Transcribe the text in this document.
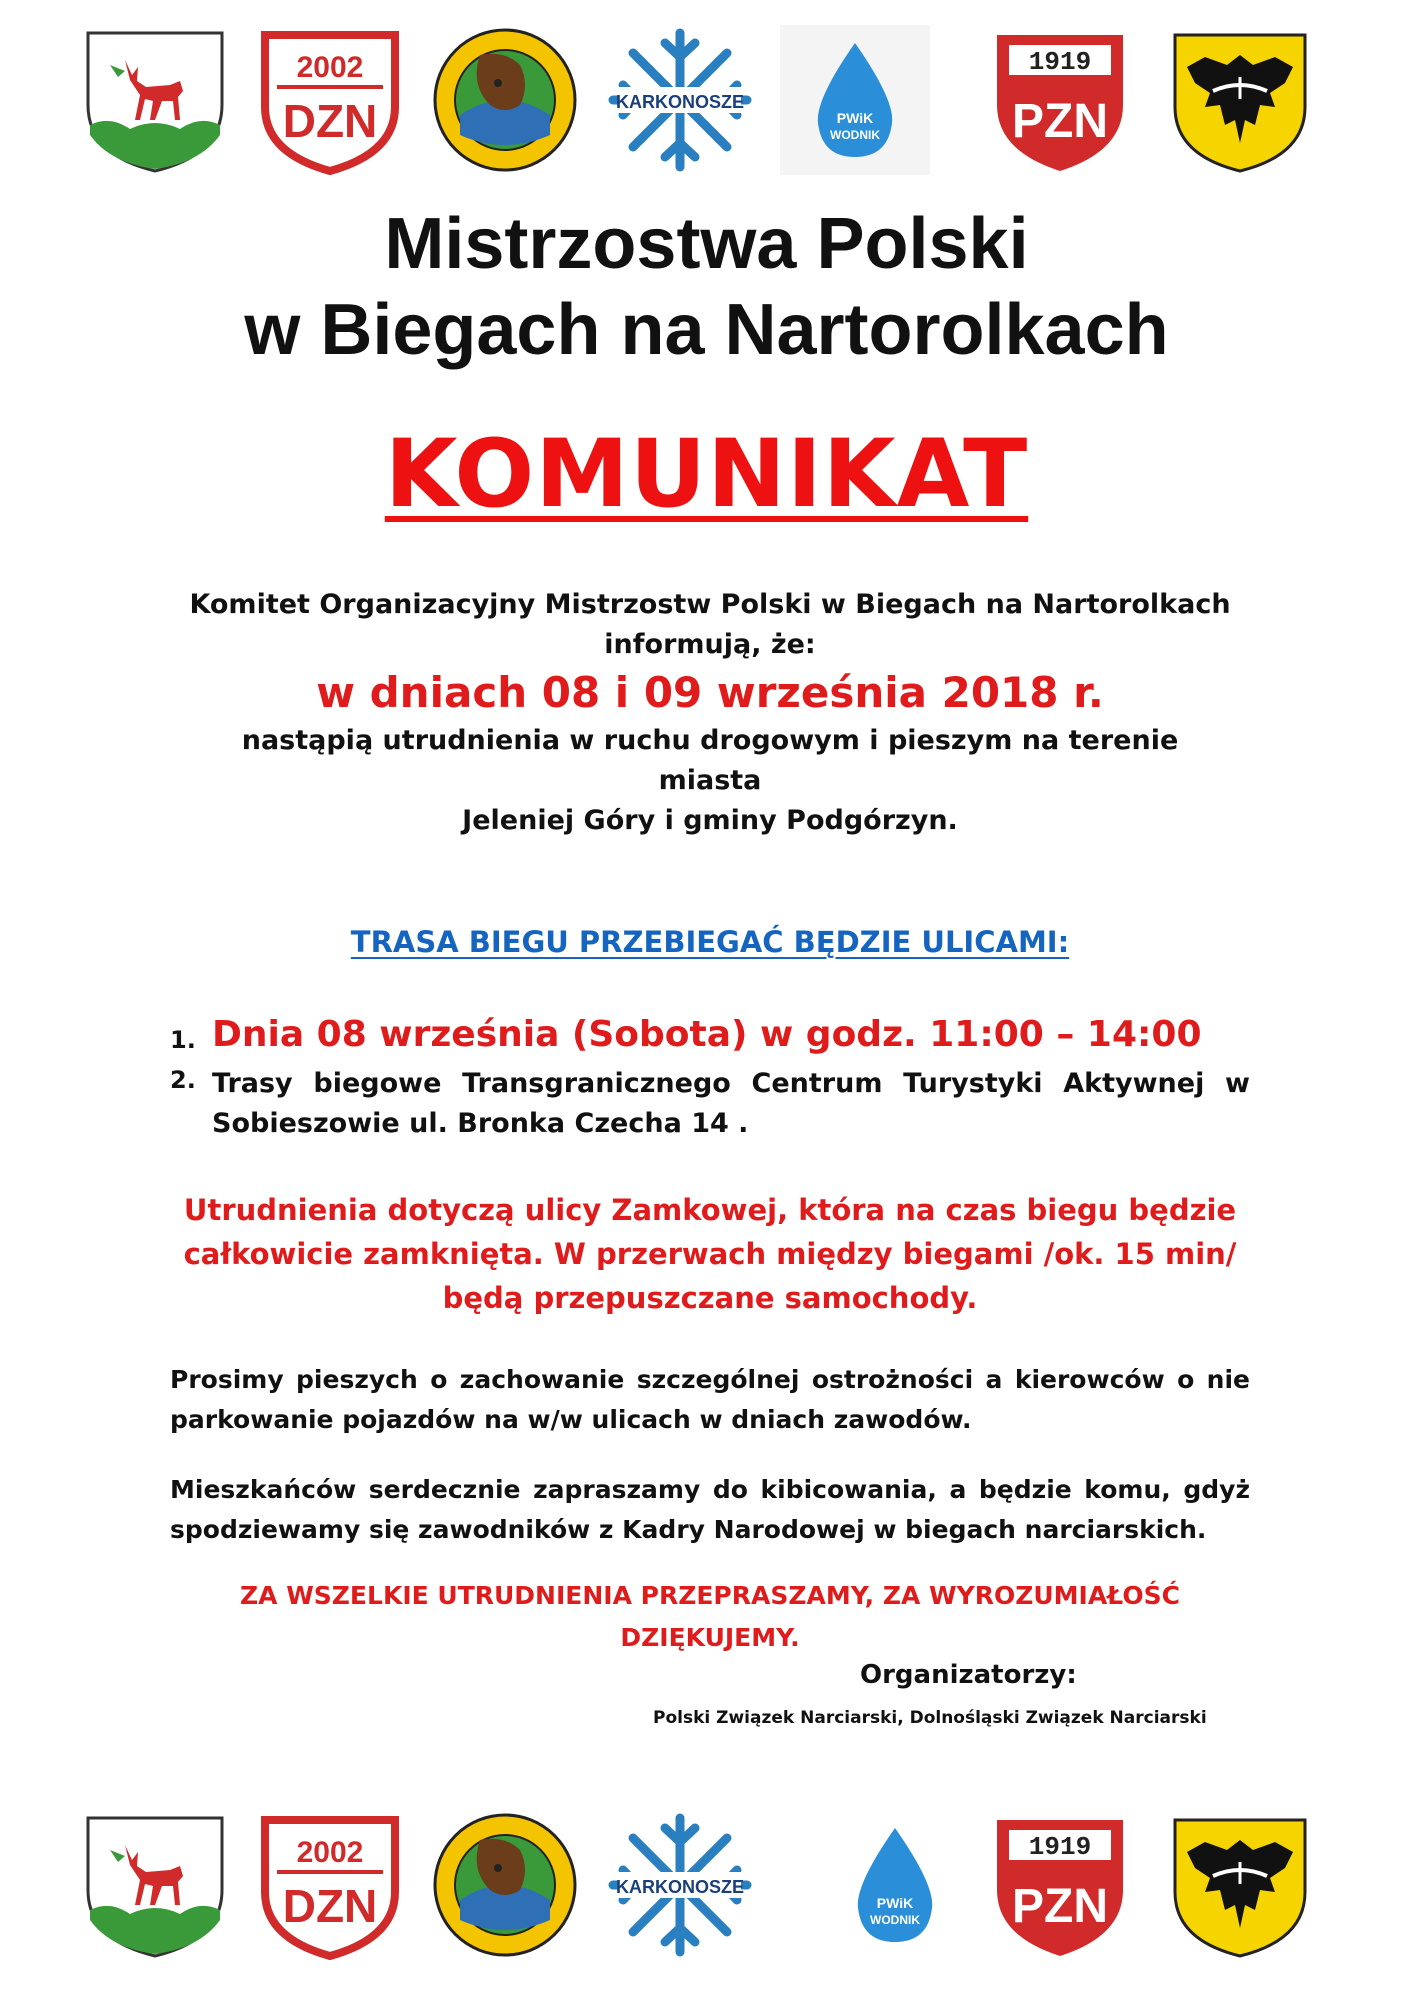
2002
DZN	KARKONOSZE
PWiK
WODNIK
1919
PZN
Mistrzostwa Polski
w Biegach na Nartorolkach
KOMUNIKAT
Komitet Organizacyjny Mistrzostw Polski w Biegach na Nartorolkach
informują, że:
w dniach 08 i 09 września 2018 r.
nastąpią utrudnienia w ruchu drogowym i pieszym na terenie
miasta
Jeleniej Góry i gminy Podgórzyn.
TRASA BIEGU PRZEBIEGAĆ BĘDZIE ULICAMI:
1. Dnia 08 września (Sobota) w godz. 11:00 – 14:00
2. Trasy biegowe Transgranicznego Centrum Turystyki Aktywnej w Sobieszowie ul. Bronka Czecha 14 .
Utrudnienia dotyczą ulicy Zamkowej, która na czas biegu będzie
całkowicie zamknięta. W przerwach między biegami /ok. 15 min/
będą przepuszczane samochody.
Prosimy pieszych o zachowanie szczególnej ostrożności a kierowców o nie parkowanie pojazdów na w/w ulicach w dniach zawodów.
Mieszkańców serdecznie zapraszamy do kibicowania, a będzie komu, gdyż spodziewamy się zawodników z Kadry Narodowej w biegach narciarskich.
ZA WSZELKIE UTRUDNIENIA PRZEPRASZAMY, ZA WYROZUMIAŁOŚĆ
DZIĘKUJEMY.
Organizatorzy:
Polski Związek Narciarski, Dolnośląski Związek Narciarski
2002
DZN	KARKONOSZE
PWiK
WODNIK
1919
PZN
